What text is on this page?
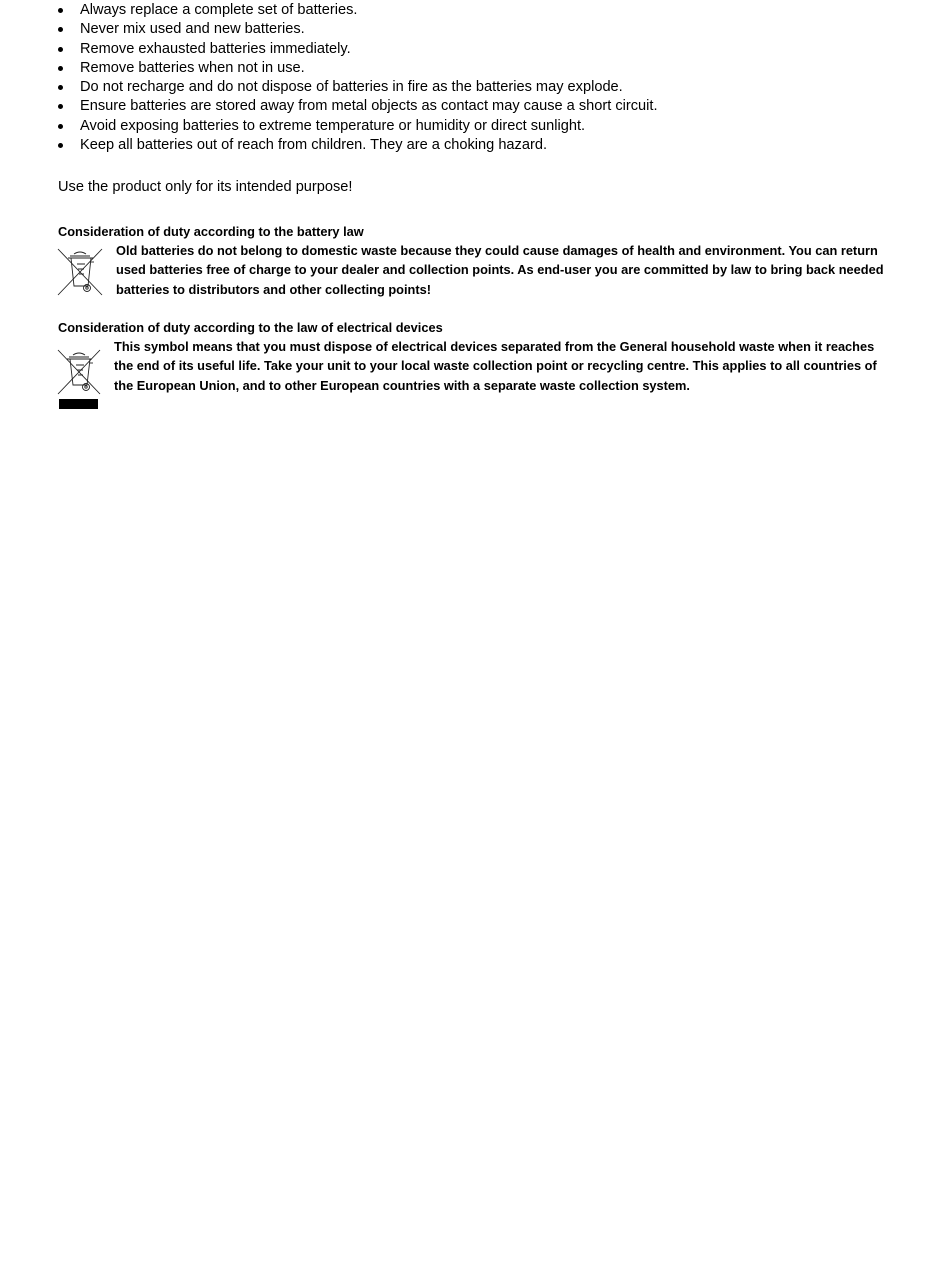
Always replace a complete set of batteries.
Never mix used and new batteries.
Remove exhausted batteries immediately.
Remove batteries when not in use.
Do not recharge and do not dispose of batteries in fire as the batteries may explode.
Ensure batteries are stored away from metal objects as contact may cause a short circuit.
Avoid exposing batteries to extreme temperature or humidity or direct sunlight.
Keep all batteries out of reach from children. They are a choking hazard.

Use the product only for its intended purpose!

Consideration of duty according to the battery law

Old batteries do not belong to domestic waste because they could cause damages of health and environment. You can return
used batteries free of charge to your dealer and collection points. As end-user you are committed by law to bring back needed
batteries to distributors and other collecting points!

Consideration of duty according to the law of electrical devices

This symbol means that you must dispose of electrical devices separated from the General household waste when it reaches
the end of its useful life. Take your unit to your local waste collection point or recycling centre. This applies to all countries of
the European Union, and to other European countries with a separate waste collection system.
